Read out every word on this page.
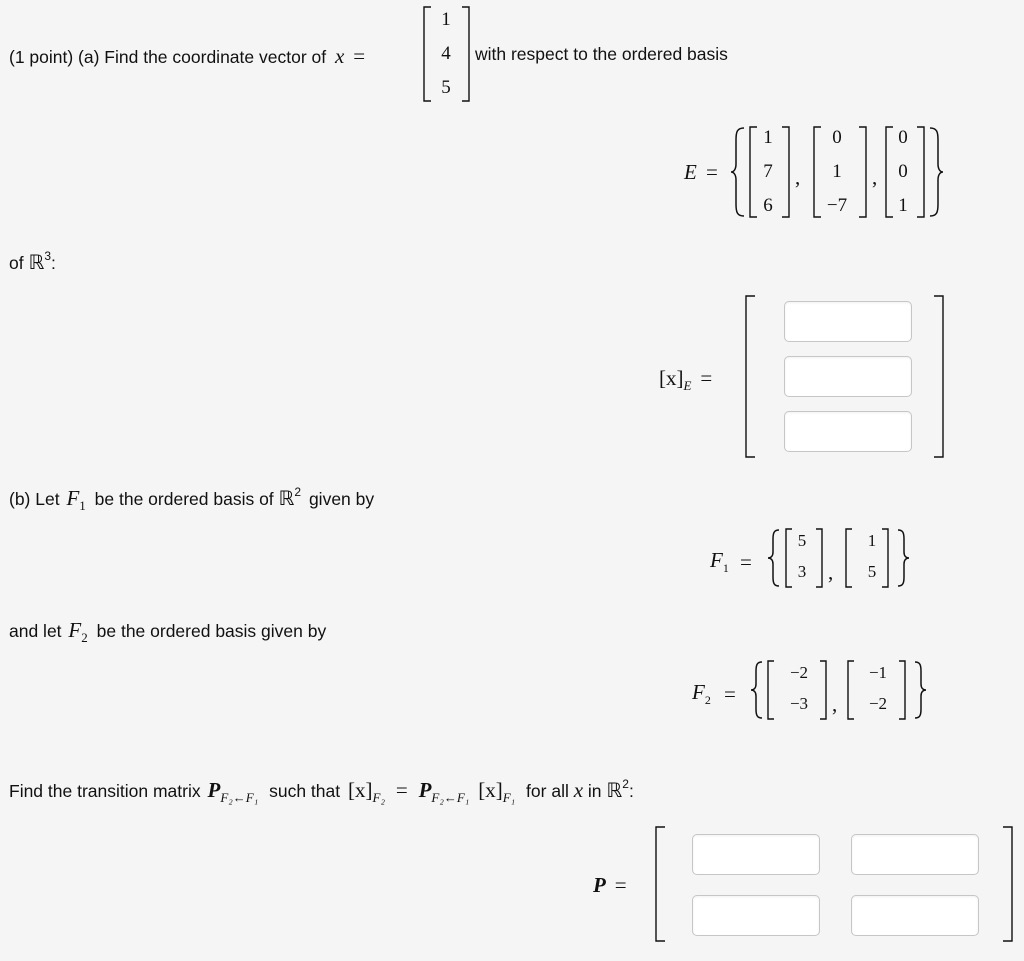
(1 point) (a) Find the coordinate vector of x =
1
4
5
with respect to the ordered basis
E =
1
7
6
,
0
1
−7
,
0
0
1
of ℝ$^3$:
$[x]_E$ =
(b) Let $F_1$ be the ordered basis of ℝ$^2$ given by
$F_1$ =
5
3	,
1
5
and let $F_2$ be the ordered basis given by
$F_2$ =
−2
−3	,
−1
−2
Find the transition matrix $P_{F_2\leftarrow F_1}$ such that $[x]_{F_2} = P_{F_2\leftarrow F_1}$ $[x]_{F_1}$ for all x in ℝ$^2$:
P =
